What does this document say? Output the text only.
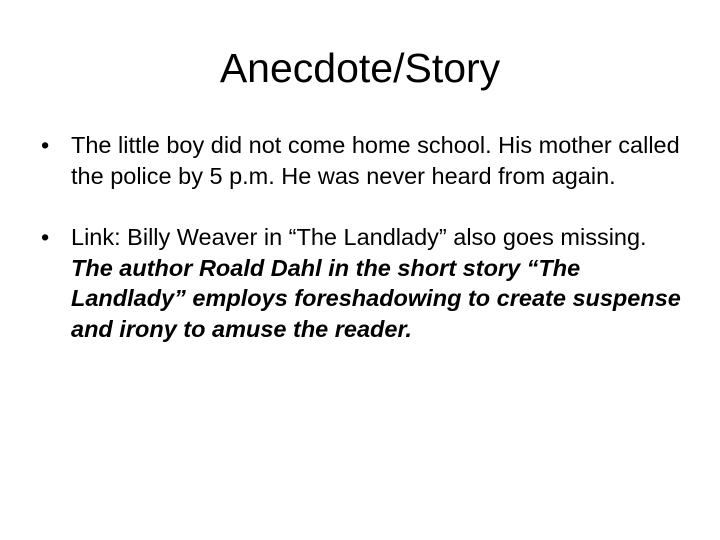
Anecdote/Story
• The little boy did not come home school. His mother called the police by 5 p.m. He was never heard from again.
• Link: Billy Weaver in “The Landlady” also goes missing. The author Roald Dahl in the short story “The Landlady” employs foreshadowing to create suspense and irony to amuse the reader.
